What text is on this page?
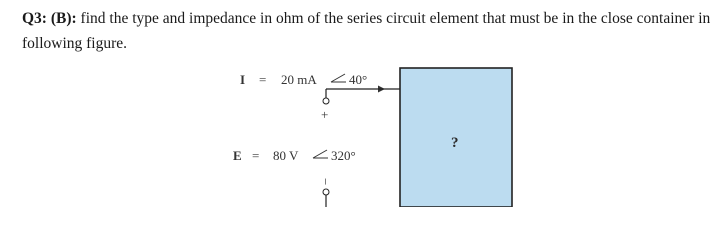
Q3: (B): find the type and impedance in ohm of the series circuit element that must be in the close container in following figure.
I = 20 mA 40°
+
E = 80 V	320°
−
?
